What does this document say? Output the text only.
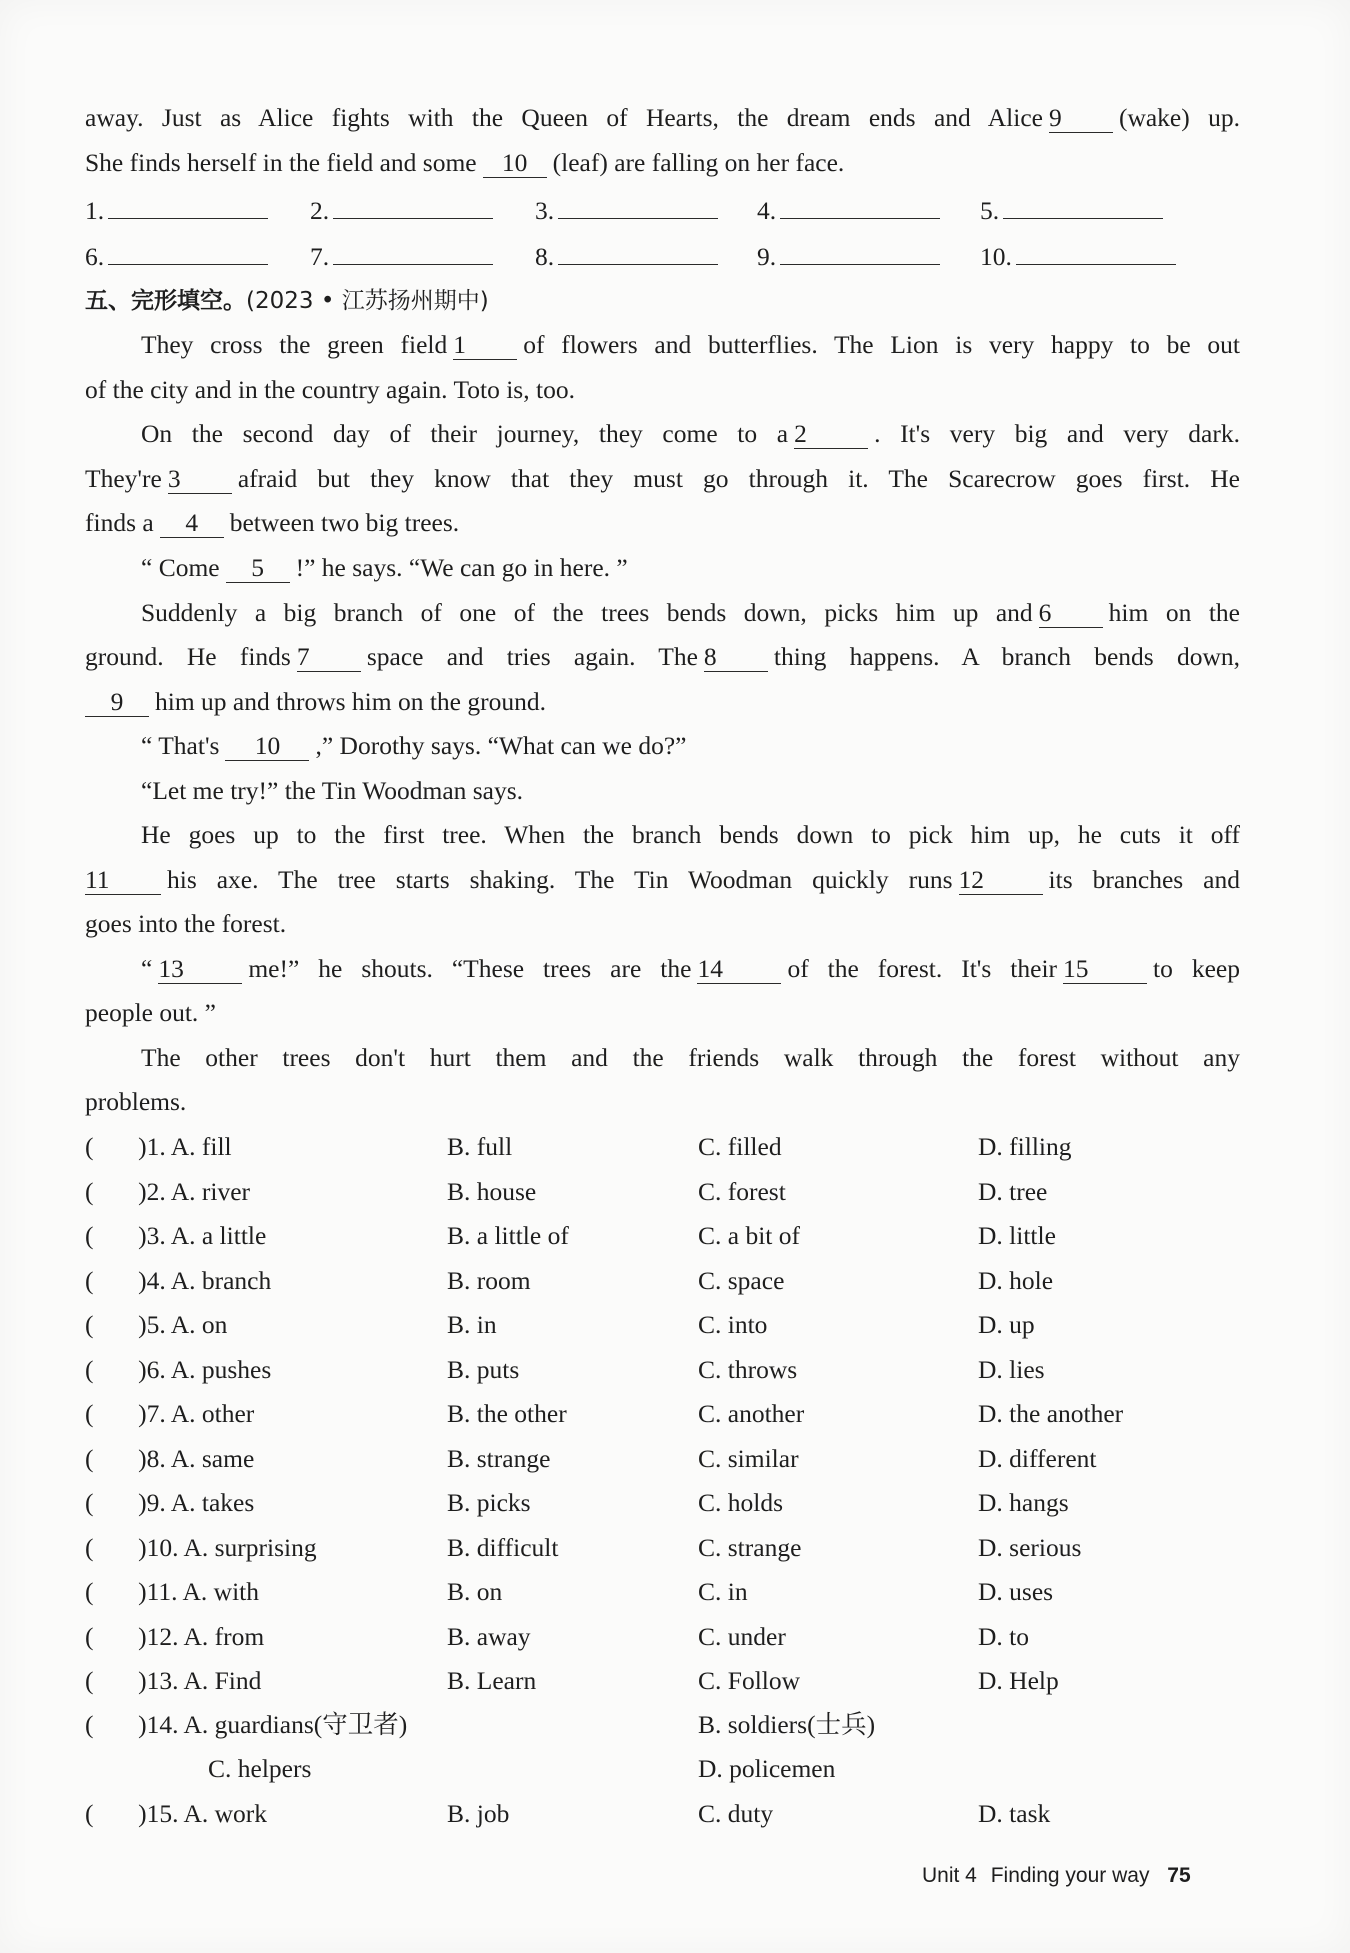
away. Just as Alice fights with the Queen of Hearts, the dream ends and Alice 9 (wake) up.
She finds herself in the field and some 10 (leaf) are falling on her face.
1.	2.	3.	4.	5.
6.	7.	8.	9.	10.
五、完形填空。(2023 • 江苏扬州期中)
They cross the green field 1 of flowers and butterflies. The Lion is very happy to be out
of the city and in the country again. Toto is, too.
On the second day of their journey, they come to a 2	. It's very big and very dark.
They're 3 afraid but they know that they must go through it. The Scarecrow goes first. He
finds a 4 between two big trees.
“ Come 5 !” he says. “We can go in here. ”
Suddenly a big branch of one of the trees bends down, picks him up and 6 him on the
ground. He finds 7 space and tries again. The 8 thing happens. A branch bends down,
9 him up and throws him on the ground.
“ That's 10 ,” Dorothy says. “What can we do?”
“Let me try!” the Tin Woodman says.
He goes up to the first tree. When the branch bends down to pick him up, he cuts it off
11 his axe. The tree starts shaking. The Tin Woodman quickly runs 12	its branches and
goes into the forest.
“ 13	me!” he shouts. “These trees are the 14	of the forest. It's their 15	to keep
people out. ”
The other trees don't hurt them and the friends walk through the forest without any
problems.
(       )1. A. fill	B. full	C. filled	D. filling
(       )2. A. river	B. house	C. forest	D. tree
(       )3. A. a little	B. a little of	C. a bit of	D. little
(       )4. A. branch	B. room	C. space	D. hole
(       )5. A. on	B. in	C. into	D. up
(       )6. A. pushes	B. puts	C. throws	D. lies
(       )7. A. other	B. the other	C. another	D. the another
(       )8. A. same	B. strange	C. similar	D. different
(       )9. A. takes	B. picks	C. holds	D. hangs
(       )10. A. surprising	B. difficult	C. strange	D. serious
(       )11. A. with	B. on	C. in	D. uses
(       )12. A. from	B. away	C. under	D. to
(       )13. A. Find	B. Learn	C. Follow	D. Help
(       )14. A. guardians(守卫者)	B. soldiers(士兵)
C. helpers	D. policemen
(       )15. A. work	B. job	C. duty	D. task
Unit 4 Finding your way 75
